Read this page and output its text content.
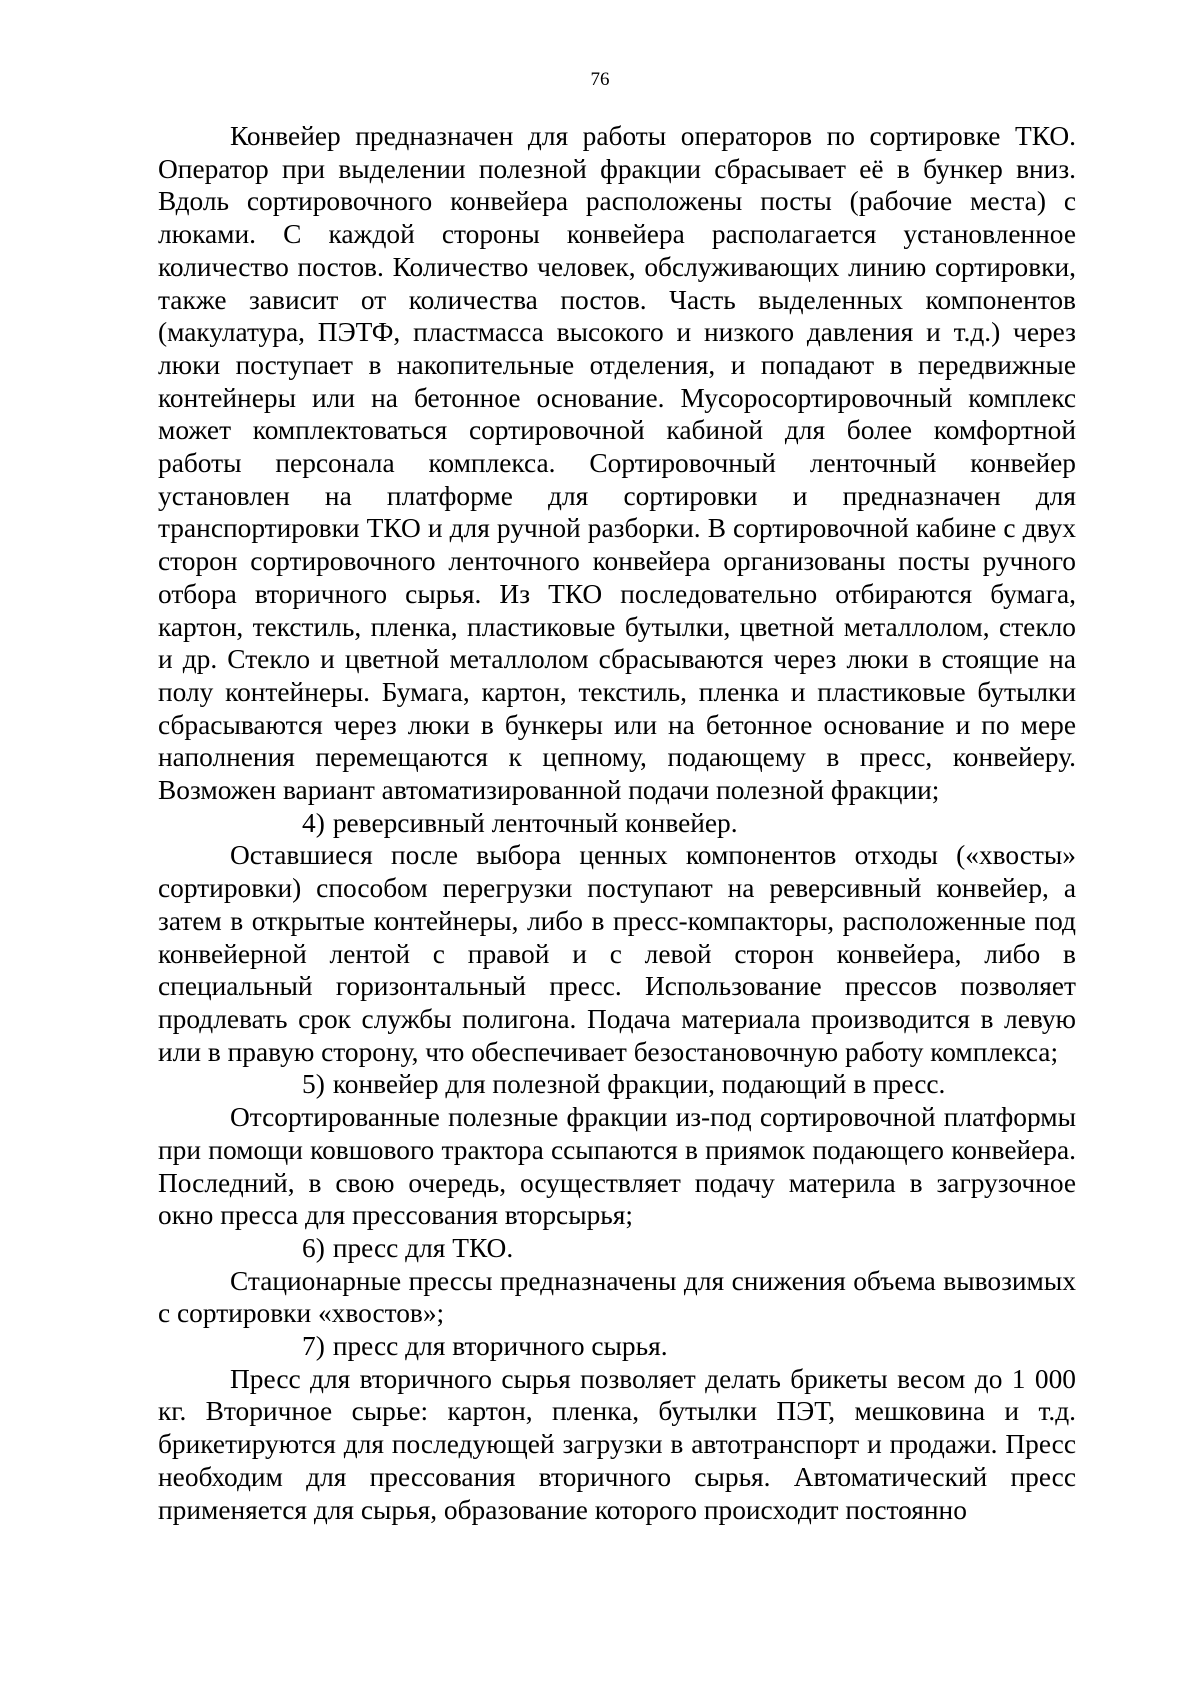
76

Конвейер предназначен для работы операторов по сортировке ТКО. Оператор при выделении полезной фракции сбрасывает её в бункер вниз. Вдоль сортировочного конвейера расположены посты (рабочие места) с люками. С каждой стороны конвейера располагается установленное количество постов. Количество человек, обслуживающих линию сортировки, также зависит от количества постов. Часть выделенных компонентов (макулатура, ПЭТФ, пластмасса высокого и низкого давления и т.д.) через люки поступает в накопительные отделения, и попадают в передвижные контейнеры или на бетонное основание. Мусоросортировочный комплекс может комплектоваться сортировочной кабиной для более комфортной работы персонала комплекса. Сортировочный ленточный конвейер установлен на платформе для сортировки и предназначен для транспортировки ТКО и для ручной разборки. В сортировочной кабине с двух сторон сортировочного ленточного конвейера организованы посты ручного отбора вторичного сырья. Из ТКО последовательно отбираются бумага, картон, текстиль, пленка, пластиковые бутылки, цветной металлолом, стекло и др. Стекло и цветной металлолом сбрасываются через люки в стоящие на полу контейнеры. Бумага, картон, текстиль, пленка и пластиковые бутылки сбрасываются через люки в бункеры или на бетонное основание и по мере наполнения перемещаются к цепному, подающему в пресс, конвейеру. Возможен вариант автоматизированной подачи полезной фракции;

4) реверсивный ленточный конвейер.

Оставшиеся после выбора ценных компонентов отходы («хвосты» сортировки) способом перегрузки поступают на реверсивный конвейер, а затем в открытые контейнеры, либо в пресс-компакторы, расположенные под конвейерной лентой с правой и с левой сторон конвейера, либо в специальный горизонтальный пресс. Использование прессов позволяет продлевать срок службы полигона. Подача материала производится в левую или в правую сторону, что обеспечивает безостановочную работу комплекса;

5) конвейер для полезной фракции, подающий в пресс.

Отсортированные полезные фракции из-под сортировочной платформы при помощи ковшового трактора ссыпаются в приямок подающего конвейера. Последний, в свою очередь, осуществляет подачу материла в загрузочное окно пресса для прессования вторсырья;

6) пресс для ТКО.

Стационарные прессы предназначены для снижения объема вывозимых с сортировки «хвостов»;

7) пресс для вторичного сырья.

Пресс для вторичного сырья позволяет делать брикеты весом до 1 000 кг. Вторичное сырье: картон, пленка, бутылки ПЭТ, мешковина и т.д. брикетируются для последующей загрузки в автотранспорт и продажи. Пресс необходим для прессования вторичного сырья. Автоматический пресс применяется для сырья, образование которого происходит постоянно
